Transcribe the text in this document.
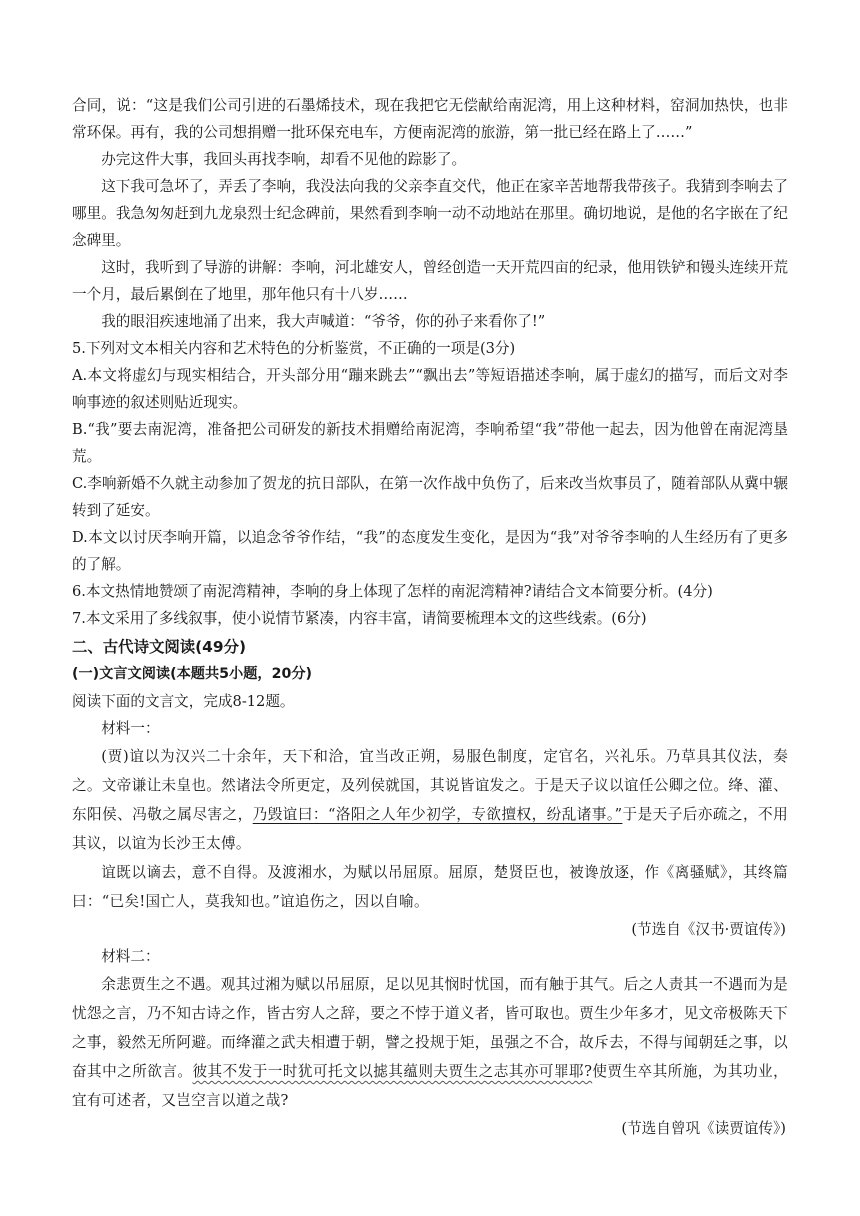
合同，说：“这是我们公司引进的石墨烯技术，现在我把它无偿献给南泥湾，用上这种材料，窑洞加热快，也非常环保。再有，我的公司想捐赠一批环保充电车，方便南泥湾的旅游，第一批已经在路上了……”

办完这件大事，我回头再找李响，却看不见他的踪影了。

这下我可急坏了，弄丢了李响，我没法向我的父亲李直交代，他正在家辛苦地帮我带孩子。我猜到李响去了哪里。我急匆匆赶到九龙泉烈士纪念碑前，果然看到李响一动不动地站在那里。确切地说，是他的名字嵌在了纪念碑里。

这时，我听到了导游的讲解：李响，河北雄安人，曾经创造一天开荒四亩的纪录，他用铁铲和镘头连续开荒一个月，最后累倒在了地里，那年他只有十八岁……

我的眼泪疾速地涌了出来，我大声喊道：“爷爷，你的孙子来看你了!”

5.下列对文本相关内容和艺术特色的分析鉴赏，不正确的一项是(3分)

A.本文将虚幻与现实相结合，开头部分用“蹦来跳去”“飘出去”等短语描述李响，属于虚幻的描写，而后文对李响事迹的叙述则贴近现实。

B.“我”要去南泥湾，准备把公司研发的新技术捐赠给南泥湾，李响希望“我”带他一起去，因为他曾在南泥湾垦荒。

C.李响新婚不久就主动参加了贺龙的抗日部队，在第一次作战中负伤了，后来改当炊事员了，随着部队从冀中辗转到了延安。

D.本文以讨厌李响开篇，以追念爷爷作结，“我”的态度发生变化，是因为“我”对爷爷李响的人生经历有了更多的了解。

6.本文热情地赞颂了南泥湾精神，李响的身上体现了怎样的南泥湾精神?请结合文本简要分析。(4分)

7.本文采用了多线叙事，使小说情节紧凑，内容丰富，请简要梳理本文的这些线索。(6分)

二、古代诗文阅读(49分)

(一)文言文阅读(本题共5小题，20分)

阅读下面的文言文，完成8-12题。

材料一：

(贾)谊以为汉兴二十余年，天下和洽，宜当改正朔，易服色制度，定官名，兴礼乐。乃草具其仪法，奏之。文帝谦让未皇也。然诸法令所更定，及列侯就国，其说皆谊发之。于是天子议以谊任公卿之位。绛、灌、东阳侯、冯敬之属尽害之，乃毁谊曰：“洛阳之人年少初学，专欲擅权，纷乱诸事。”于是天子后亦疏之，不用其议，以谊为长沙王太傅。

谊既以谪去，意不自得。及渡湘水，为赋以吊屈原。屈原，楚贤臣也，被谗放逐，作《离骚赋》，其终篇曰：“已矣!国亡人，莫我知也。”谊追伤之，因以自喻。

(节选自《汉书·贾谊传》)

材料二：

余悲贾生之不遇。观其过湘为赋以吊屈原，足以见其悯时忧国，而有触于其气。后之人责其一不遇而为是忧怨之言，乃不知古诗之作，皆古穷人之辞，要之不悖于道义者，皆可取也。贾生少年多才，见文帝极陈天下之事，毅然无所阿避。而绛灌之武夫相遭于朝，譬之投规于矩，虽强之不合，故斥去，不得与闻朝廷之事，以奋其中之所欲言。彼其不发于一时犹可托文以摅其蕴则夫贾生之志其亦可罪耶?使贾生卒其所施，为其功业，宜有可述者，又岂空言以道之哉?

(节选自曾巩《读贾谊传》)
